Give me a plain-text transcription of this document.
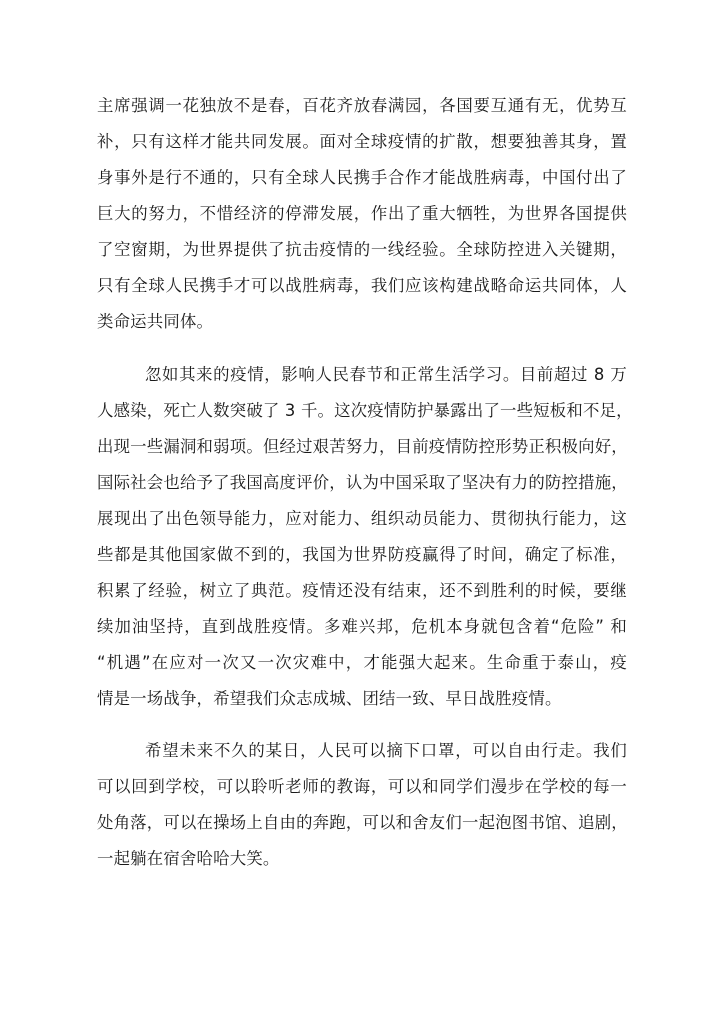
主席强调一花独放不是春，百花齐放春满园，各国要互通有无，优势互
补，只有这样才能共同发展。面对全球疫情的扩散，想要独善其身，置
身事外是行不通的，只有全球人民携手合作才能战胜病毒，中国付出了
巨大的努力，不惜经济的停滞发展，作出了重大牺牲，为世界各国提供
了空窗期，为世界提供了抗击疫情的一线经验。全球防控进入关键期，
只有全球人民携手才可以战胜病毒，我们应该构建战略命运共同体，人
类命运共同体。
忽如其来的疫情，影响人民春节和正常生活学习。目前超过 8 万
人感染，死亡人数突破了 3 千。这次疫情防护暴露出了一些短板和不足，
出现一些漏洞和弱项。但经过艰苦努力，目前疫情防控形势正积极向好，
国际社会也给予了我国高度评价，认为中国采取了坚决有力的防控措施，
展现出了出色领导能力，应对能力、组织动员能力、贯彻执行能力，这
些都是其他国家做不到的，我国为世界防疫赢得了时间，确定了标准，
积累了经验，树立了典范。疫情还没有结束，还不到胜利的时候，要继
续加油坚持，直到战胜疫情。多难兴邦，危机本身就包含着“危险” 和
“机遇”在应对一次又一次灾难中，才能强大起来。生命重于泰山，疫
情是一场战争，希望我们众志成城、团结一致、早日战胜疫情。
希望未来不久的某日，人民可以摘下口罩，可以自由行走。我们
可以回到学校，可以聆听老师的教诲，可以和同学们漫步在学校的每一
处角落，可以在操场上自由的奔跑，可以和舍友们一起泡图书馆、追剧，
一起躺在宿舍哈哈大笑。
